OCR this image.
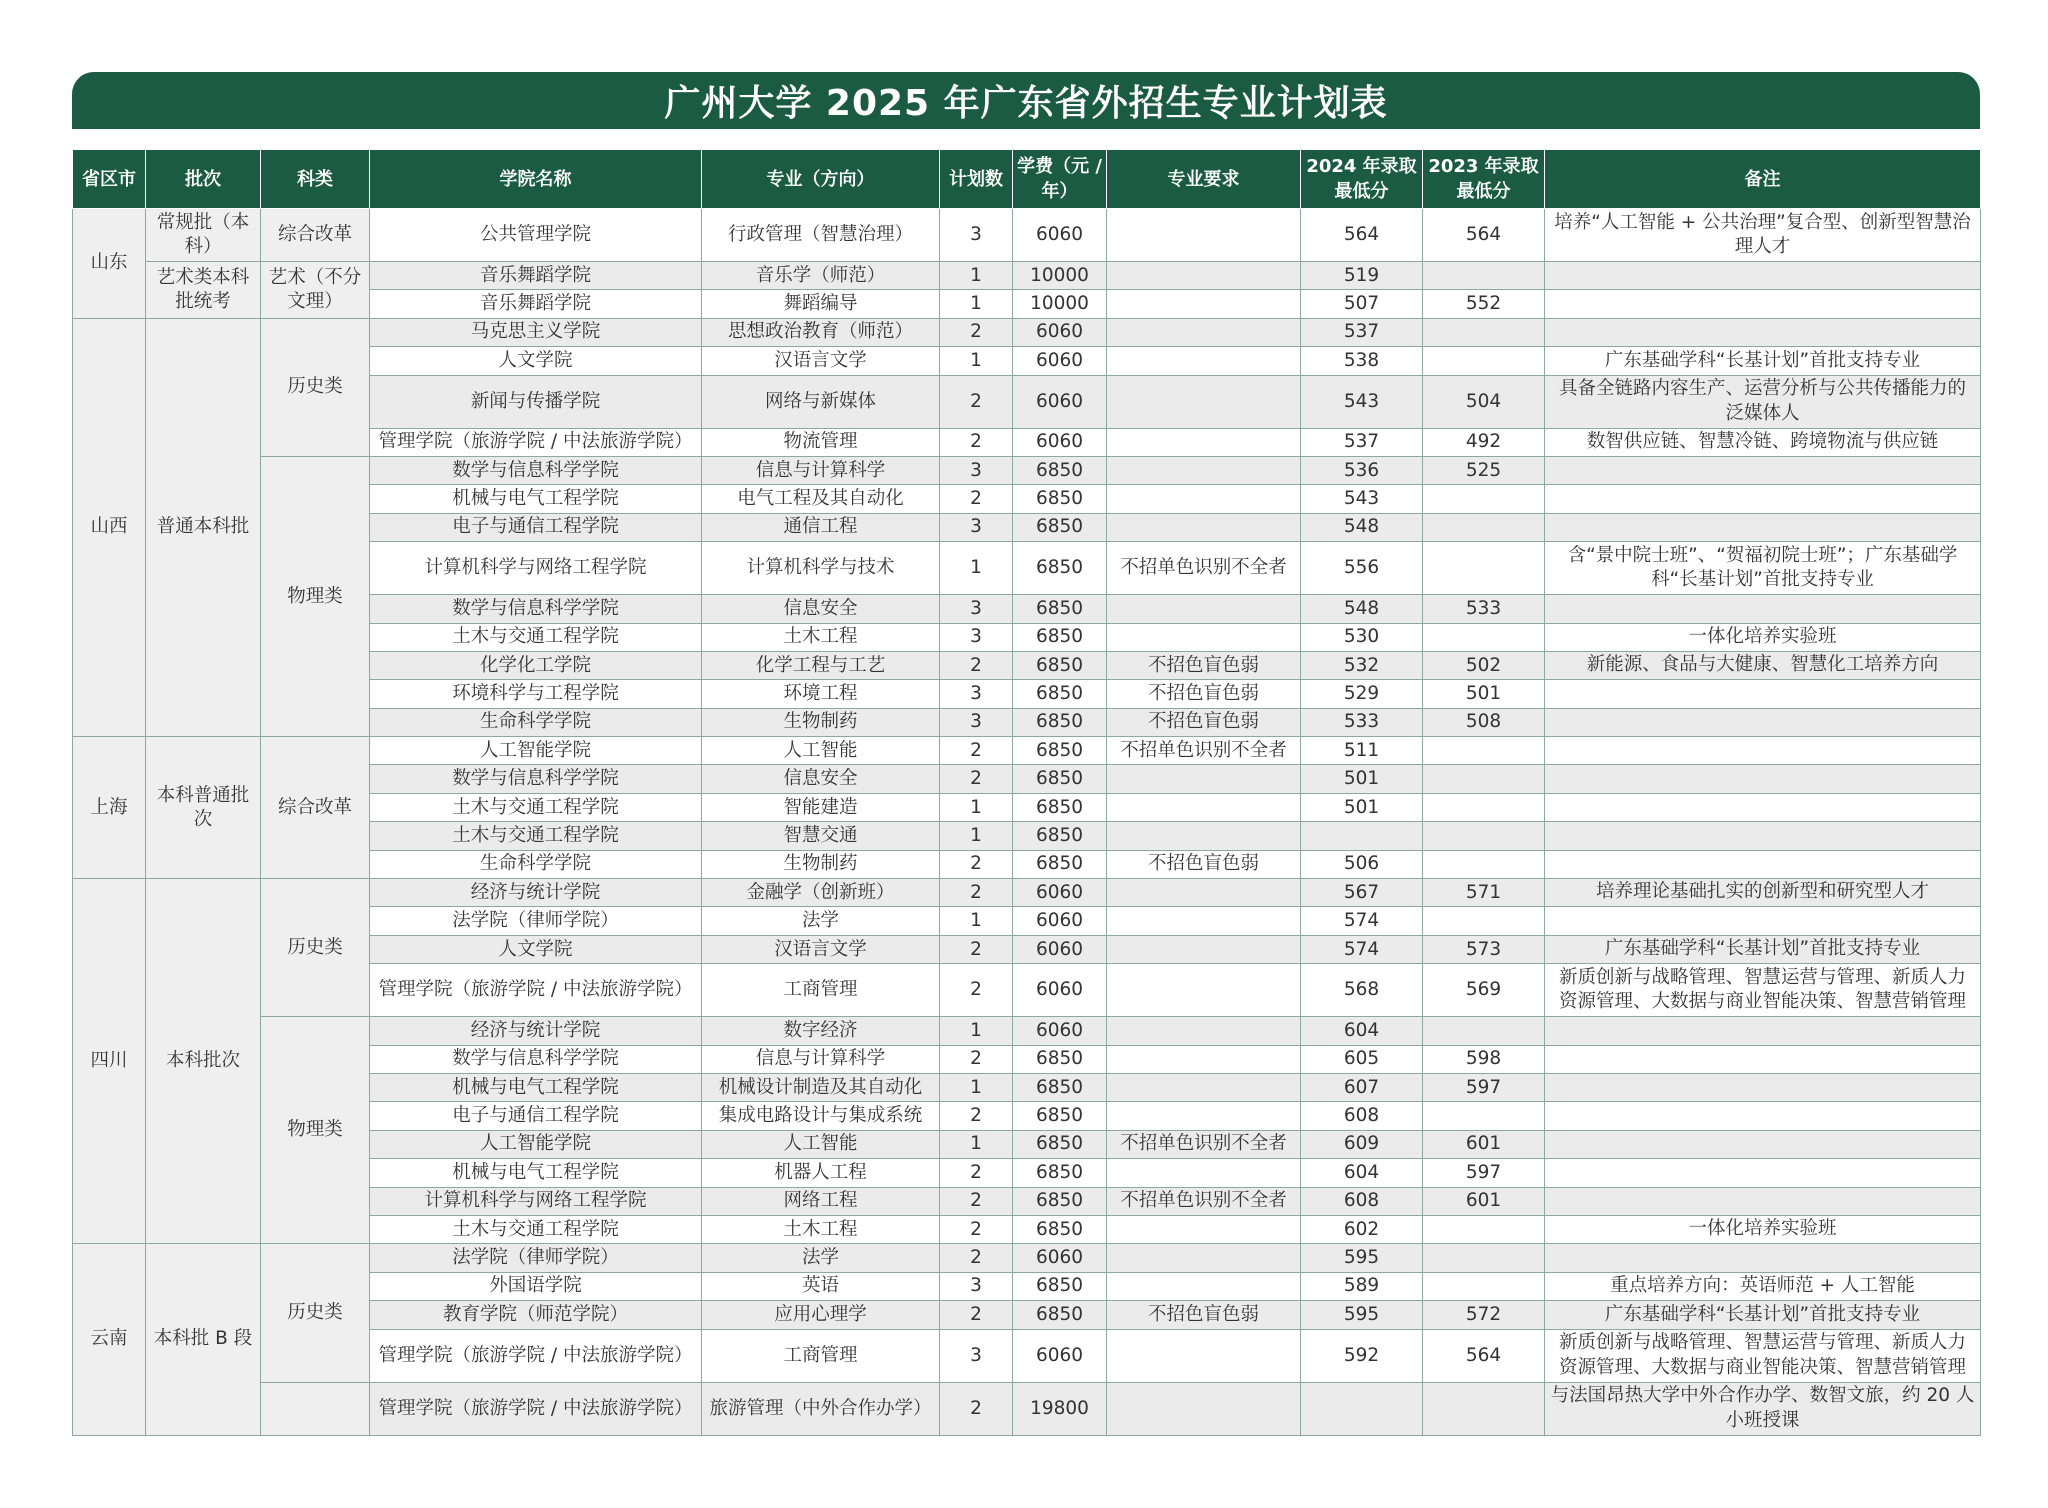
广州大学 2025 年广东省外招生专业计划表
省区市	批次	科类	学院名称	专业（方向）	计划数	学费（元 / 年）	专业要求	2024 年录取最低分	2023 年录取最低分	备注
山东	常规批（本科）	综合改革	公共管理学院	行政管理（智慧治理）	3	6060		564	564	培养“人工智能 + 公共治理”复合型、创新型智慧治理人才
	艺术类本科批统考	艺术（不分文理）	音乐舞蹈学院	音乐学（师范）	1	10000		519		
			音乐舞蹈学院	舞蹈编导	1	10000		507	552	
山西	普通本科批	历史类	马克思主义学院	思想政治教育（师范）	2	6060		537		
			人文学院	汉语言文学	1	6060		538		广东基础学科“长基计划”首批支持专业
			新闻与传播学院	网络与新媒体	2	6060		543	504	具备全链路内容生产、运营分析与公共传播能力的泛媒体人
			管理学院（旅游学院 / 中法旅游学院）	物流管理	2	6060		537	492	数智供应链、智慧冷链、跨境物流与供应链
		物理类	数学与信息科学学院	信息与计算科学	3	6850		536	525	
			机械与电气工程学院	电气工程及其自动化	2	6850		543		
			电子与通信工程学院	通信工程	3	6850		548		
			计算机科学与网络工程学院	计算机科学与技术	1	6850	不招单色识别不全者	556		含“景中院士班”、“贺福初院士班”；广东基础学科“长基计划”首批支持专业
			数学与信息科学学院	信息安全	3	6850		548	533	
			土木与交通工程学院	土木工程	3	6850		530		一体化培养实验班
			化学化工学院	化学工程与工艺	2	6850	不招色盲色弱	532	502	新能源、食品与大健康、智慧化工培养方向
			环境科学与工程学院	环境工程	3	6850	不招色盲色弱	529	501	
			生命科学学院	生物制药	3	6850	不招色盲色弱	533	508	
上海	本科普通批次	综合改革	人工智能学院	人工智能	2	6850	不招单色识别不全者	511		
			数学与信息科学学院	信息安全	2	6850		501		
			土木与交通工程学院	智能建造	1	6850		501		
			土木与交通工程学院	智慧交通	1	6850				
			生命科学学院	生物制药	2	6850	不招色盲色弱	506		
四川	本科批次	历史类	经济与统计学院	金融学（创新班）	2	6060		567	571	培养理论基础扎实的创新型和研究型人才
			法学院（律师学院）	法学	1	6060		574		
			人文学院	汉语言文学	2	6060		574	573	广东基础学科“长基计划”首批支持专业
			管理学院（旅游学院 / 中法旅游学院）	工商管理	2	6060		568	569	新质创新与战略管理、智慧运营与管理、新质人力资源管理、大数据与商业智能决策、智慧营销管理
		物理类	经济与统计学院	数字经济	1	6060		604		
			数学与信息科学学院	信息与计算科学	2	6850		605	598	
			机械与电气工程学院	机械设计制造及其自动化	1	6850		607	597	
			电子与通信工程学院	集成电路设计与集成系统	2	6850		608		
			人工智能学院	人工智能	1	6850	不招单色识别不全者	609	601	
			机械与电气工程学院	机器人工程	2	6850		604	597	
			计算机科学与网络工程学院	网络工程	2	6850	不招单色识别不全者	608	601	
			土木与交通工程学院	土木工程	2	6850		602		一体化培养实验班
云南	本科批 B 段	历史类	法学院（律师学院）	法学	2	6060		595		
			外国语学院	英语	3	6850		589		重点培养方向：英语师范 + 人工智能
			教育学院（师范学院）	应用心理学	2	6850	不招色盲色弱	595	572	广东基础学科“长基计划”首批支持专业
			管理学院（旅游学院 / 中法旅游学院）	工商管理	3	6060		592	564	新质创新与战略管理、智慧运营与管理、新质人力资源管理、大数据与商业智能决策、智慧营销管理
			管理学院（旅游学院 / 中法旅游学院）	旅游管理（中外合作办学）	2	19800				与法国昂热大学中外合作办学、数智文旅，约 20 人小班授课
